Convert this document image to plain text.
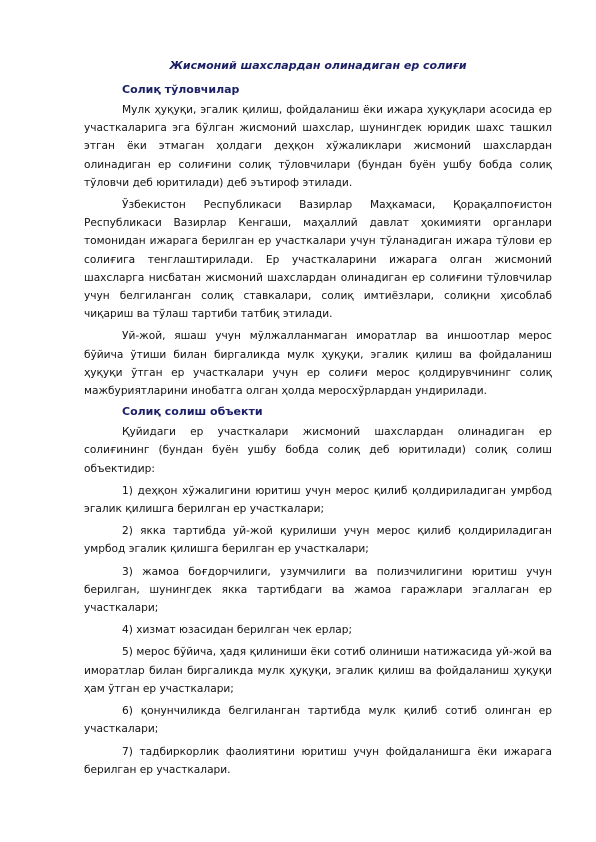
Жисмоний шахслардан олинадиган ер солиғи
Солиқ тўловчилар

Мулк ҳуқуқи, эгалик қилиш, фойдаланиш ёки ижара ҳуқуқлари асосида ер участкаларига эга бўлган жисмоний шахслар, шунингдек юридик шахс ташкил этган ёки этмаган ҳолдаги деҳқон хўжаликлари жисмоний шахслардан олинадиган ер солиғини солиқ тўловчилари (бундан буён ушбу бобда солиқ тўловчи деб юритилади) деб эътироф этилади.

Ўзбекистон Республикаси Вазирлар Маҳкамаси, Қорақалпоғистон Республикаси Вазирлар Кенгаши, маҳаллий давлат ҳокимияти органлари томонидан ижарага берилган ер участкалари учун тўланадиган ижара тўлови ер солиғига тенглаштирилади. Ер участкаларини ижарага олган жисмоний шахсларга нисбатан жисмоний шахслардан олинадиган ер солиғини тўловчилар учун белгиланган солиқ ставкалари, солиқ имтиёзлари, солиқни ҳисоблаб чиқариш ва тўлаш тартиби татбиқ этилади.

Уй-жой, яшаш учун мўлжалланмаган иморатлар ва иншоотлар мерос бўйича ўтиши билан биргаликда мулк ҳуқуқи, эгалик қилиш ва фойдаланиш ҳуқуқи ўтган ер участкалари учун ер солиғи мерос қолдирувчининг солиқ мажбуриятларини инобатга олган ҳолда меросхўрлардан ундирилади.

Солиқ солиш объекти

Қуйидаги ер участкалари жисмоний шахслардан олинадиган ер солиғининг (бундан буён ушбу бобда солиқ деб юритилади) солиқ солиш объектидир:

1) деҳқон хўжалигини юритиш учун мерос қилиб қолдириладиган умрбод эгалик қилишга берилган ер участкалари;

2) якка тартибда уй-жой қурилиши учун мерос қилиб қолдириладиган умрбод эгалик қилишга берилган ер участкалари;

3) жамоа боғдорчилиги, узумчилиги ва полизчилигини юритиш учун берилган, шунингдек якка тартибдаги ва жамоа гаражлари эгаллаган ер участкалари;

4) хизмат юзасидан берилган чек ерлар;

5) мерос бўйича, ҳадя қилиниши ёки сотиб олиниши натижасида уй-жой ва иморатлар билан биргаликда мулк ҳуқуқи, эгалик қилиш ва фойдаланиш ҳуқуқи ҳам ўтган ер участкалари;

6) қонунчиликда белгиланган тартибда мулк қилиб сотиб олинган ер участкалари;

7) тадбиркорлик фаолиятини юритиш учун фойдаланишга ёки ижарага берилган ер участкалари.
